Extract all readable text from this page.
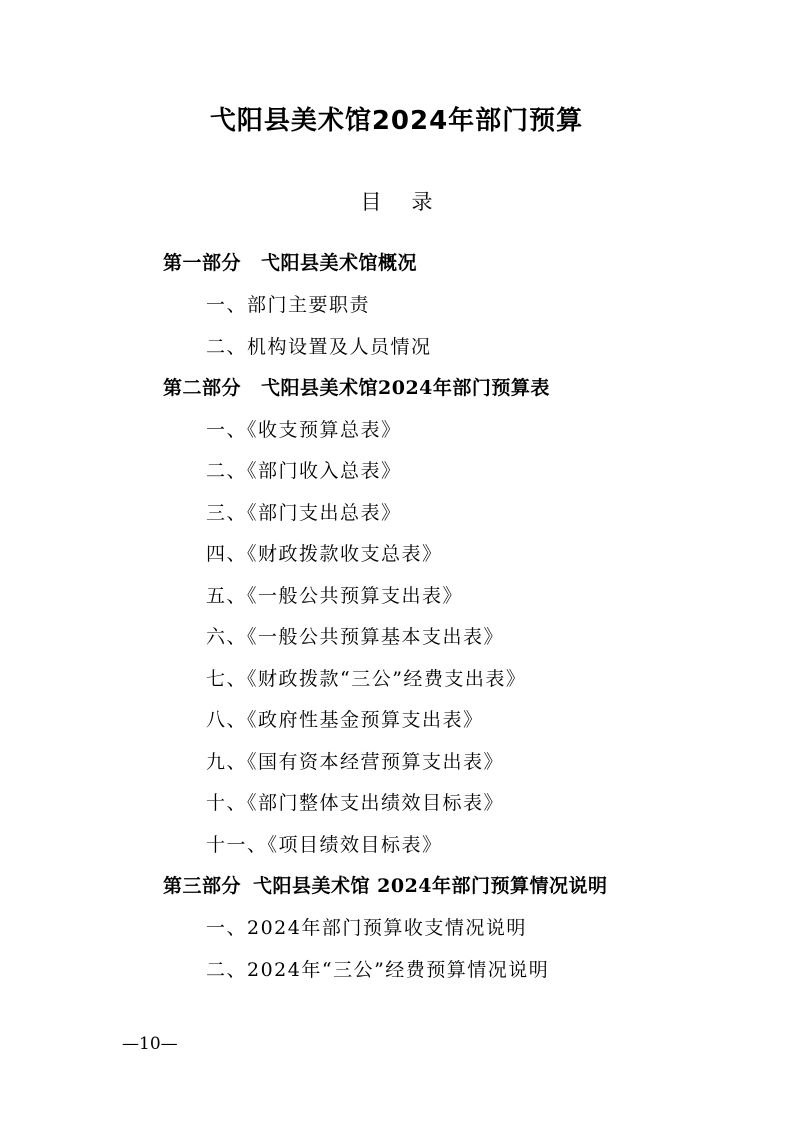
弋阳县美术馆2024年部门预算
目录
第一部分 弋阳县美术馆概况
一、部门主要职责
二、机构设置及人员情况
第二部分 弋阳县美术馆2024年部门预算表
一、《收支预算总表》
二、《部门收入总表》
三、《部门支出总表》
四、《财政拨款收支总表》
五、《一般公共预算支出表》
六、《一般公共预算基本支出表》
七、《财政拨款“三公”经费支出表》
八、《政府性基金预算支出表》
九、《国有资本经营预算支出表》
十、《部门整体支出绩效目标表》
十一、《项目绩效目标表》
第三部分 弋阳县美术馆 2024年部门预算情况说明
一、2024年部门预算收支情况说明
二、2024年“三公”经费预算情况说明
—10—
